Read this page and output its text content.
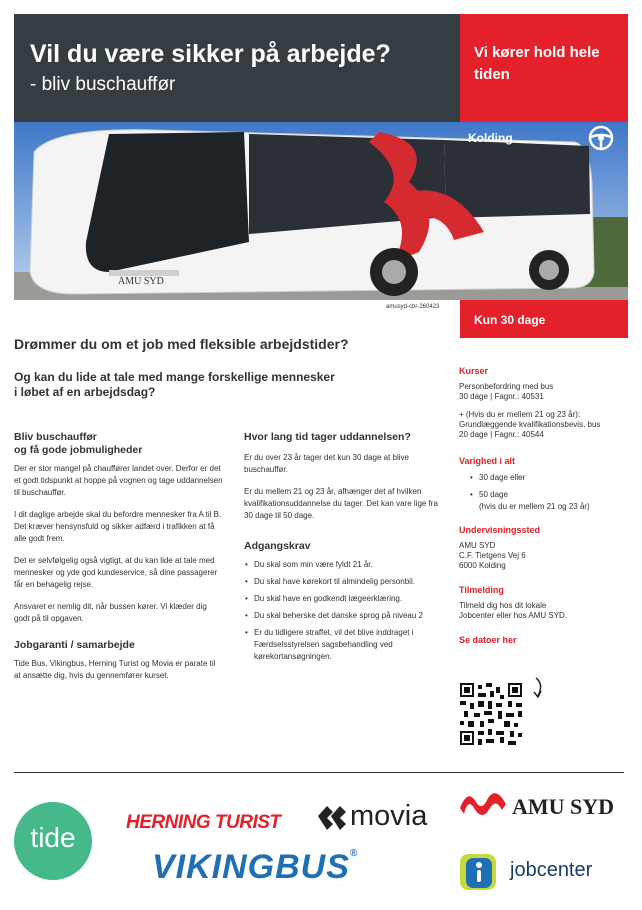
Vil du være sikker på arbejde?
- bliv buschauffør
Vi kører hold hele tiden
AMU SYD
AMU SYD
Kolding
amusyd-cbr-260423
Kun 30 dage
Drømmer du om et job med fleksible arbejdstider?
Og kan du lide at tale med mange forskellige mennesker
i løbet af en arbejdsdag?
Bliv buschauffør
og få gode jobmuligheder

Der er stor mangel på chauffører landet over. Derfor er det et godt tidspunkt at hoppe på vognen og tage uddannelsen til buschauffør.

I dit daglige arbejde skal du befordre mennesker fra A til B. Det kræver hensynsfuld og sikker adfærd i trafikken at få alle godt frem.

Det er selvfølgelig også vigtigt, at du kan lide at tale med mennesker og yde god kundeservice, så dine passagerer får en behagelig rejse.

Ansvaret er nemlig dit, når bussen kører. Vi klæder dig godt på til opgaven.

Jobgaranti / samarbejde

Tide Bus, Vikingbus, Herning Turist og Movia er parate til at ansætte dig, hvis du gennemfører kurset.

Hvor lang tid tager uddannelsen?

Er du over 23 år tager det kun 30 dage at blive buschauffør.

Er du mellem 21 og 23 år, afhænger det af hvilken kvalifikationsuddannelse du tager. Det kan vare lige fra 30 dage til 50 dage.

Adgangskrav
• Du skal som min være fyldt 21 år.
• Du skal have kørekort til almindelig personbil.
• Du skal have en godkendt lægeerklæring.
• Du skal beherske det danske sprog på niveau 2
• Er du tidligere straffet, vil det blive inddraget i Færdselsstyrelsen sagsbehandling ved kørekortansøgningen.
Kurser

Personbefordring med bus

30 dage | Fagnr.: 40531

+ (Hvis du er mellem 21 og 23 år):

Grundlæggende kvalifikationsbevis, bus

20 dage | Fagnr.: 40544

Varighed i alt
• 30 dage eller
• 50 dage
(hvis du er mellem 21 og 23 år)
Undervisningssted

AMU SYD

C.F. Tietgens Vej 6

6000 Kolding

Tilmelding

Tilmeld dig hos dit lokale

Jobcenter eller hos AMU SYD.

Se datoer her
tide	HERNING TURIST movia	AMU SYD
VIKINGBUS®
jobcenter
